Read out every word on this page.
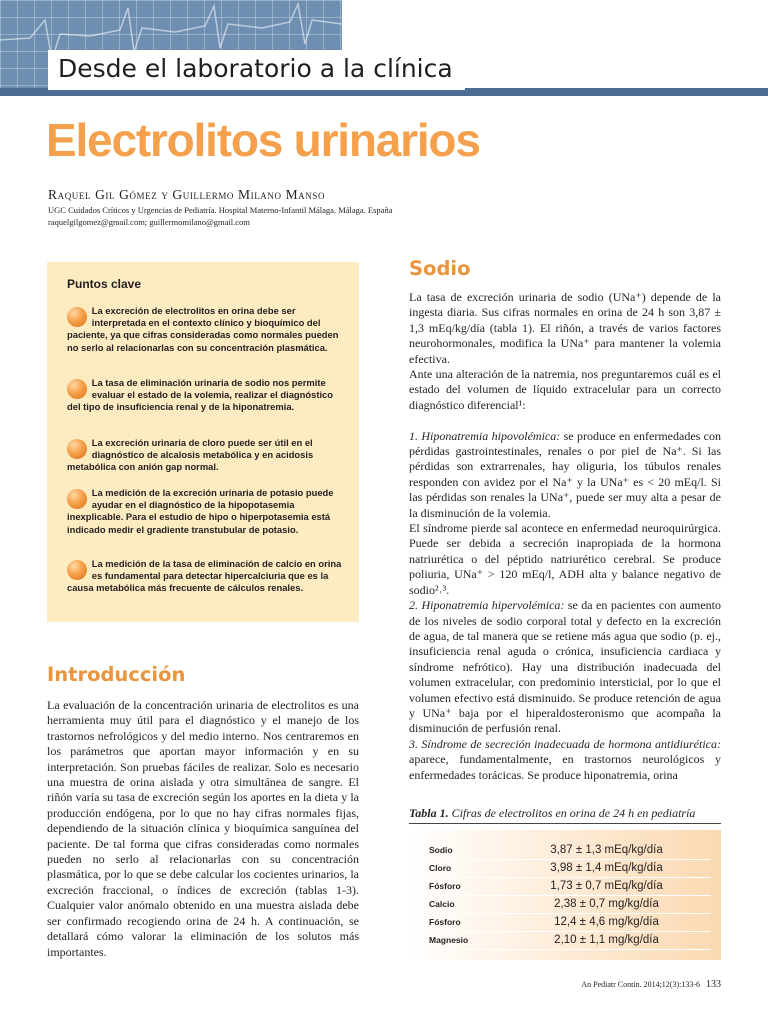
Desde el laboratorio a la clínica
Electrolitos urinarios
Raquel Gil Gómez y Guillermo Milano Manso
UGC Cuidados Críticos y Urgencias de Pediatría. Hospital Materno-Infantil Málaga. Málaga. España
raquelgilgomez@gmail.com; guillermomilano@gmail.com
Puntos clave
La excreción de electrolitos en orina debe ser interpretada en el contexto clínico y bioquímico del paciente, ya que cifras consideradas como normales pueden no serlo al relacionarlas con su concentración plasmática.
La tasa de eliminación urinaria de sodio nos permite evaluar el estado de la volemia, realizar el diagnóstico del tipo de insuficiencia renal y de la hiponatremia.
La excreción urinaria de cloro puede ser útil en el diagnóstico de alcalosis metabólica y en acidosis metabólica con anión gap normal.
La medición de la excreción urinaria de potasio puede ayudar en el diagnóstico de la hipopotasemia inexplicable. Para el estudio de hipo o hiperpotasemia está indicado medir el gradiente transtubular de potasio.
La medición de la tasa de eliminación de calcio en orina es fundamental para detectar hipercalciuria que es la causa metabólica más frecuente de cálculos renales.
Introducción

La evaluación de la concentración urinaria de electrolitos es una herramienta muy útil para el diagnóstico y el manejo de los trastornos nefrológicos y del medio interno. Nos centraremos en los parámetros que aportan mayor información y en su interpretación. Son pruebas fáciles de realizar. Solo es necesario una muestra de orina aislada y otra simultánea de sangre. El riñón varía su tasa de excreción según los aportes en la dieta y la producción endógena, por lo que no hay cifras normales fijas, dependiendo de la situación clínica y bioquímica sanguínea del paciente. De tal forma que cifras consideradas como normales pueden no serlo al relacionarlas con su concentración plasmática, por lo que se debe calcular los cocientes urinarios, la excreción fraccional, o índices de excreción (tablas 1-3). Cualquier valor anómalo obtenido en una muestra aislada debe ser confirmado recogiendo orina de 24 h. A continuación, se detallará cómo valorar la eliminación de los solutos más importantes.

Sodio

La tasa de excreción urinaria de sodio (UNa⁺) depende de la ingesta diaria. Sus cifras normales en orina de 24 h son 3,87 ± 1,3 mEq/kg/día (tabla 1). El riñón, a través de varios factores neurohormonales, modifica la UNa⁺ para mantener la volemia efectiva.

Ante una alteración de la natremia, nos preguntaremos cuál es el estado del volumen de líquido extracelular para un correcto diagnóstico diferencial¹:

1. Hiponatremia hipovolémica: se produce en enfermedades con pérdidas gastrointestinales, renales o por piel de Na⁺. Si las pérdidas son extrarrenales, hay oliguria, los túbulos renales responden con avidez por el Na⁺ y la UNa⁺ es < 20 mEq/l. Si las pérdidas son renales la UNa⁺, puede ser muy alta a pesar de la disminución de la volemia.

El síndrome pierde sal acontece en enfermedad neuroquirúrgica. Puede ser debida a secreción inapropiada de la hormona natriurética o del péptido natriurético cerebral. Se produce poliuria, UNa⁺ > 120 mEq/l, ADH alta y balance negativo de sodio²˒³.

2. Hiponatremia hipervolémica: se da en pacientes con aumento de los niveles de sodio corporal total y defecto en la excreción de agua, de tal manera que se retiene más agua que sodio (p. ej., insuficiencia renal aguda o crónica, insuficiencia cardiaca y síndrome nefrótico). Hay una distribución inadecuada del volumen extracelular, con predominio intersticial, por lo que el volumen efectivo está disminuido. Se produce retención de agua y UNa⁺ baja por el hiperaldosteronismo que acompaña la disminución de perfusión renal.

3. Síndrome de secreción inadecuada de hormona antidiurética: aparece, fundamentalmente, en trastornos neurológicos y enfermedades torácicas. Se produce hiponatremia, orina

Tabla 1. Cifras de electrolitos en orina de 24 h en pediatría
Sodio	3,87 ± 1,3 mEq/kg/día
Cloro	3,98 ± 1,4 mEq/kg/día
Fósforo	1,73 ± 0,7 mEq/kg/día
Calcio	2,38 ± 0,7 mg/kg/día
Fósforo	12,4 ± 4,6 mg/kg/día
Magnesio	2,10 ± 1,1 mg/kg/día
An Pediatr Contin. 2014;12(3):133-6 133
